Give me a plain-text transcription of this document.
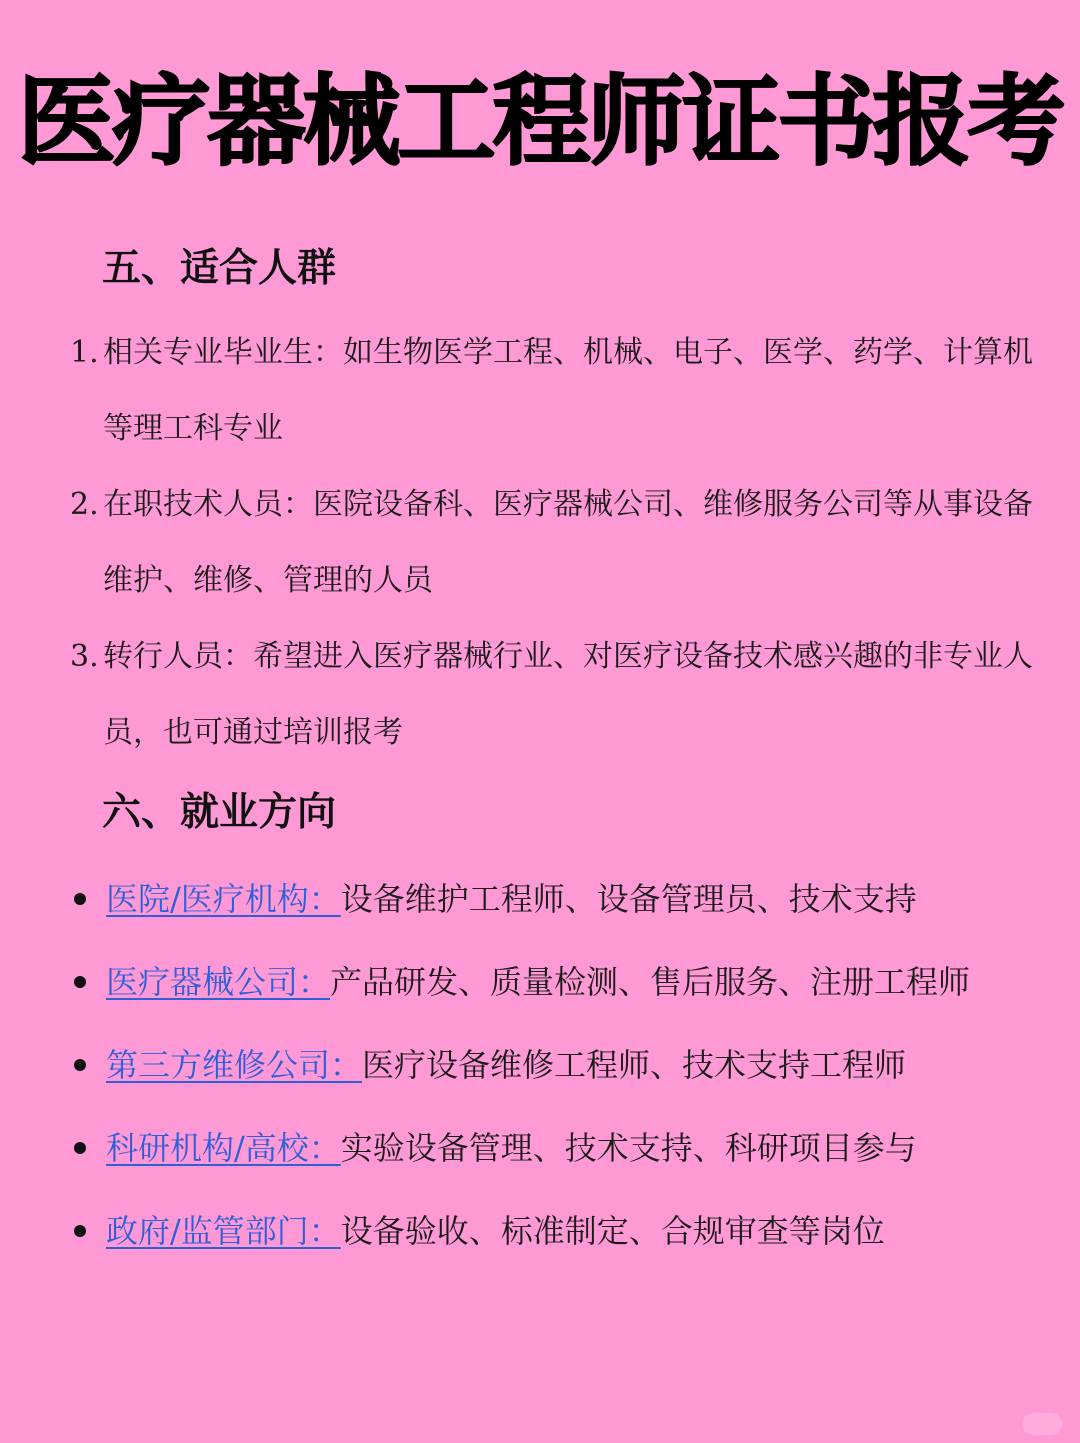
医疗器械工程师证书报考
五、适合人群
1. 相关专业毕业生：如生物医学工程、机械、电子、医学、药学、计算机等理工科专业
2. 在职技术人员：医院设备科、医疗器械公司、维修服务公司等从事设备维护、维修、管理的人员
3. 转行人员：希望进入医疗器械行业、对医疗设备技术感兴趣的非专业人员，也可通过培训报考
六、就业方向
医院/医疗机构：设备维护工程师、设备管理员、技术支持
医疗器械公司：产品研发、质量检测、售后服务、注册工程师
第三方维修公司：医疗设备维修工程师、技术支持工程师
科研机构/高校：实验设备管理、技术支持、科研项目参与
政府/监管部门：设备验收、标准制定、合规审查等岗位
